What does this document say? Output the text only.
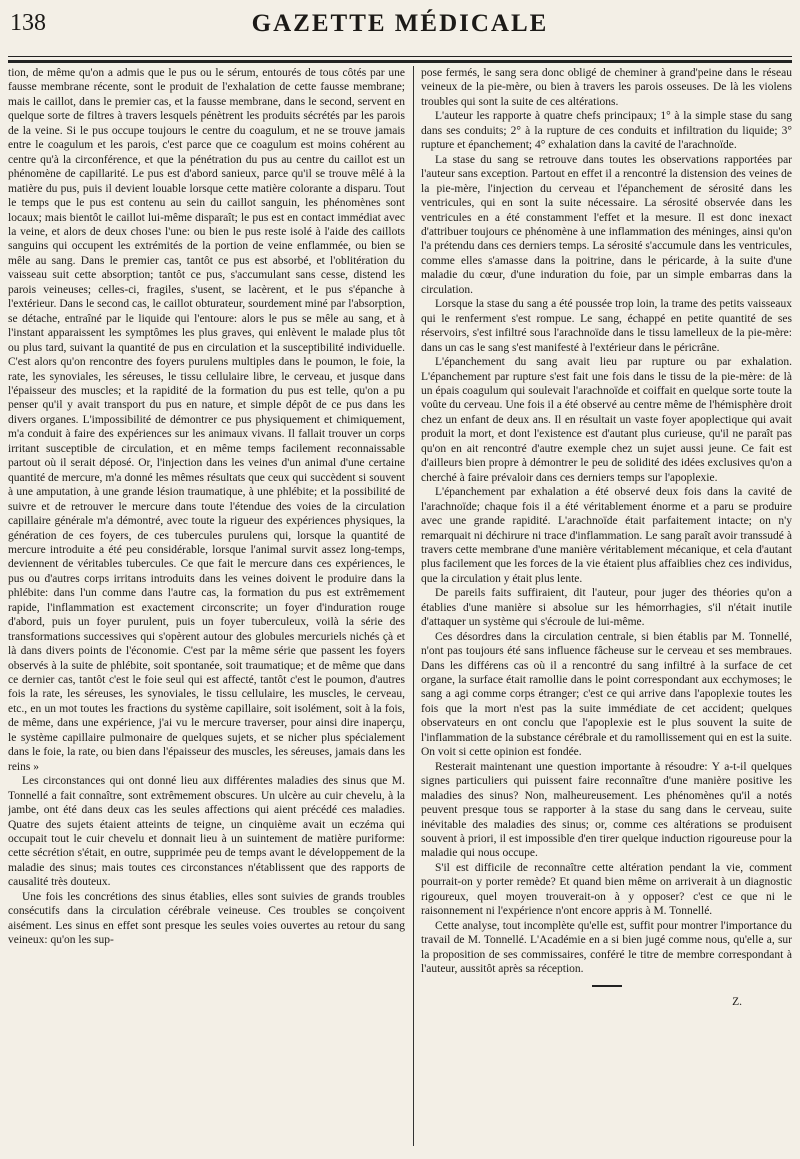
138	GAZETTE MÉDICALE

tion, de même qu'on a admis que le pus ou le sérum, entourés de tous côtés par une fausse membrane récente, sont le produit de l'exhalation de cette fausse membrane; mais le caillot, dans le premier cas, et la fausse membrane, dans le second, servent en quelque sorte de filtres à travers lesquels pénètrent les produits sécrétés par les parois de la veine. Si le pus occupe toujours le centre du coagulum, et ne se trouve jamais entre le coagulum et les parois, c'est parce que ce coagulum est moins cohérent au centre qu'à la circonférence, et que la pénétration du pus au centre du caillot est un phénomène de capillarité. Le pus est d'abord sanieux, parce qu'il se trouve mêlé à la matière du pus, puis il devient louable lorsque cette matière colorante a disparu. Tout le temps que le pus est contenu au sein du caillot sanguin, les phénomènes sont locaux; mais bientôt le caillot lui-même disparaît; le pus est en contact immédiat avec la veine, et alors de deux choses l'une: ou bien le pus reste isolé à l'aide des caillots sanguins qui occupent les extrémités de la portion de veine enflammée, ou bien se mêle au sang. Dans le premier cas, tantôt ce pus est absorbé, et l'oblitération du vaisseau suit cette absorption; tantôt ce pus, s'accumulant sans cesse, distend les parois veineuses; celles-ci, fragiles, s'usent, se lacèrent, et le pus s'épanche à l'extérieur. Dans le second cas, le caillot obturateur, sourdement miné par l'absorption, se détache, entraîné par le liquide qui l'entoure: alors le pus se mêle au sang, et à l'instant apparaissent les symptômes les plus graves, qui enlèvent le malade plus tôt ou plus tard, suivant la quantité de pus en circulation et la susceptibilité individuelle. C'est alors qu'on rencontre des foyers purulens multiples dans le poumon, le foie, la rate, les synoviales, les séreuses, le tissu cellulaire libre, le cerveau, et jusque dans l'épaisseur des muscles; et la rapidité de la formation du pus est telle, qu'on a pu penser qu'il y avait transport du pus en nature, et simple dépôt de ce pus dans les divers organes. L'impossibilité de démontrer ce pus physiquement et chimiquement, m'a conduit à faire des expériences sur les animaux vivans. Il fallait trouver un corps irritant susceptible de circulation, et en même temps facilement reconnaissable partout où il serait déposé. Or, l'injection dans les veines d'un animal d'une certaine quantité de mercure, m'a donné les mêmes résultats que ceux qui succèdent si souvent à une amputation, à une grande lésion traumatique, à une phlébite; et la possibilité de suivre et de retrouver le mercure dans toute l'étendue des voies de la circulation capillaire générale m'a démontré, avec toute la rigueur des expériences physiques, la génération de ces foyers, de ces tubercules purulens qui, lorsque la quantité de mercure introduite a été peu considérable, lorsque l'animal survit assez long-temps, deviennent de véritables tubercules. Ce que fait le mercure dans ces expériences, le pus ou d'autres corps irritans introduits dans les veines doivent le produire dans la phlébite: dans l'un comme dans l'autre cas, la formation du pus est extrêmement rapide, l'inflammation est exactement circonscrite; un foyer d'induration rouge d'abord, puis un foyer purulent, puis un foyer tuberculeux, voilà la série des transformations successives qui s'opèrent autour des globules mercuriels nichés çà et là dans divers points de l'économie. C'est par la même série que passent les foyers observés à la suite de phlébite, soit spontanée, soit traumatique; et de même que dans ce dernier cas, tantôt c'est le foie seul qui est affecté, tantôt c'est le poumon, d'autres fois la rate, les séreuses, les synoviales, le tissu cellulaire, les muscles, le cerveau, etc., en un mot toutes les fractions du système capillaire, soit isolément, soit à la fois, de même, dans une expérience, j'ai vu le mercure traverser, pour ainsi dire inaperçu, le système capillaire pulmonaire de quelques sujets, et se nicher plus spécialement dans le foie, la rate, ou bien dans l'épaisseur des muscles, les séreuses, jamais dans les reins »

Les circonstances qui ont donné lieu aux différentes maladies des sinus que M. Tonnellé a fait connaître, sont extrêmement obscures. Un ulcère au cuir chevelu, à la jambe, ont été dans deux cas les seules affections qui aient précédé ces maladies. Quatre des sujets étaient atteints de teigne, un cinquième avait un eczéma qui occupait tout le cuir chevelu et donnait lieu à un suintement de matière puriforme: cette sécrétion s'était, en outre, supprimée peu de temps avant le développement de la maladie des sinus; mais toutes ces circonstances n'établissent que des rapports de causalité très douteux.

Une fois les concrétions des sinus établies, elles sont suivies de grands troubles consécutifs dans la circulation cérébrale veineuse. Ces troubles se conçoivent aisément. Les sinus en effet sont presque les seules voies ouvertes au retour du sang veineux: qu'on les sup-

pose fermés, le sang sera donc obligé de cheminer à grand'peine dans le réseau veineux de la pie-mère, ou bien à travers les parois osseuses. De là les violens troubles qui sont la suite de ces altérations.

L'auteur les rapporte à quatre chefs principaux; 1° à la simple stase du sang dans ses conduits; 2° à la rupture de ces conduits et infiltration du liquide; 3° rupture et épanchement; 4° exhalation dans la cavité de l'arachnoïde.

La stase du sang se retrouve dans toutes les observations rapportées par l'auteur sans exception. Partout en effet il a rencontré la distension des veines de la pie-mère, l'injection du cerveau et l'épanchement de sérosité dans les ventricules, qui en sont la suite nécessaire. La sérosité observée dans les ventricules en a été constamment l'effet et la mesure. Il est donc inexact d'attribuer toujours ce phénomène à une inflammation des méninges, ainsi qu'on l'a prétendu dans ces derniers temps. La sérosité s'accumule dans les ventricules, comme elles s'amasse dans la poitrine, dans le péricarde, à la suite d'une maladie du cœur, d'une induration du foie, par un simple embarras dans la circulation.

Lorsque la stase du sang a été poussée trop loin, la trame des petits vaisseaux qui le renferment s'est rompue. Le sang, échappé en petite quantité de ses réservoirs, s'est infiltré sous l'arachnoïde dans le tissu lamelleux de la pie-mère: dans un cas le sang s'est manifesté à l'extérieur dans le péricrâne.

L'épanchement du sang avait lieu par rupture ou par exhalation. L'épanchement par rupture s'est fait une fois dans le tissu de la pie-mère: de là un épais coagulum qui soulevait l'arachnoïde et coiffait en quelque sorte toute la voûte du cerveau. Une fois il a été observé au centre même de l'hémisphère droit chez un enfant de deux ans. Il en résultait un vaste foyer apoplectique qui avait produit la mort, et dont l'existence est d'autant plus curieuse, qu'il ne paraît pas qu'on en ait rencontré d'autre exemple chez un sujet aussi jeune. Ce fait est d'ailleurs bien propre à démontrer le peu de solidité des idées exclusives qu'on a cherché à faire prévaloir dans ces derniers temps sur l'apoplexie.

L'épanchement par exhalation a été observé deux fois dans la cavité de l'arachnoïde; chaque fois il a été véritablement énorme et a paru se produire avec une grande rapidité. L'arachnoïde était parfaitement intacte; on n'y remarquait ni déchirure ni trace d'inflammation. Le sang paraît avoir transsudé à travers cette membrane d'une manière véritablement mécanique, et cela d'autant plus facilement que les forces de la vie étaient plus affaiblies chez ces individus, que la circulation y était plus lente.

De pareils faits suffiraient, dit l'auteur, pour juger des théories qu'on a établies d'une manière si absolue sur les hémorrhagies, s'il n'était inutile d'attaquer un système qui s'écroule de lui-même.

Ces désordres dans la circulation centrale, si bien établis par M. Tonnellé, n'ont pas toujours été sans influence fâcheuse sur le cerveau et ses membraues. Dans les différens cas où il a rencontré du sang infiltré à la surface de cet organe, la surface était ramollie dans le point correspondant aux ecchymoses; le sang a agi comme corps étranger; c'est ce qui arrive dans l'apoplexie toutes les fois que la mort n'est pas la suite immédiate de cet accident; quelques observateurs en ont conclu que l'apoplexie est le plus souvent la suite de l'inflammation de la substance cérébrale et du ramollissement qui en est la suite. On voit si cette opinion est fondée.

Resterait maintenant une question importante à résoudre: Y a-t-il quelques signes particuliers qui puissent faire reconnaître d'une manière positive les maladies des sinus? Non, malheureusement. Les phénomènes qu'il a notés peuvent presque tous se rapporter à la stase du sang dans le cerveau, suite inévitable des maladies des sinus; or, comme ces altérations se produisent souvent à priori, il est impossible d'en tirer quelque induction rigoureuse pour la maladie qui nous occupe.

S'il est difficile de reconnaître cette altération pendant la vie, comment pourrait-on y porter remède? Et quand bien même on arriverait à un diagnostic rigoureux, quel moyen trouverait-on à y opposer? c'est ce que ni le raisonnement ni l'expérience n'ont encore appris à M. Tonnellé.

Cette analyse, tout incomplète qu'elle est, suffit pour montrer l'importance du travail de M. Tonnellé. L'Académie en a si bien jugé comme nous, qu'elle a, sur la proposition de ses commissaires, conféré le titre de membre correspondant à l'auteur, aussitôt après sa réception.

Z.
